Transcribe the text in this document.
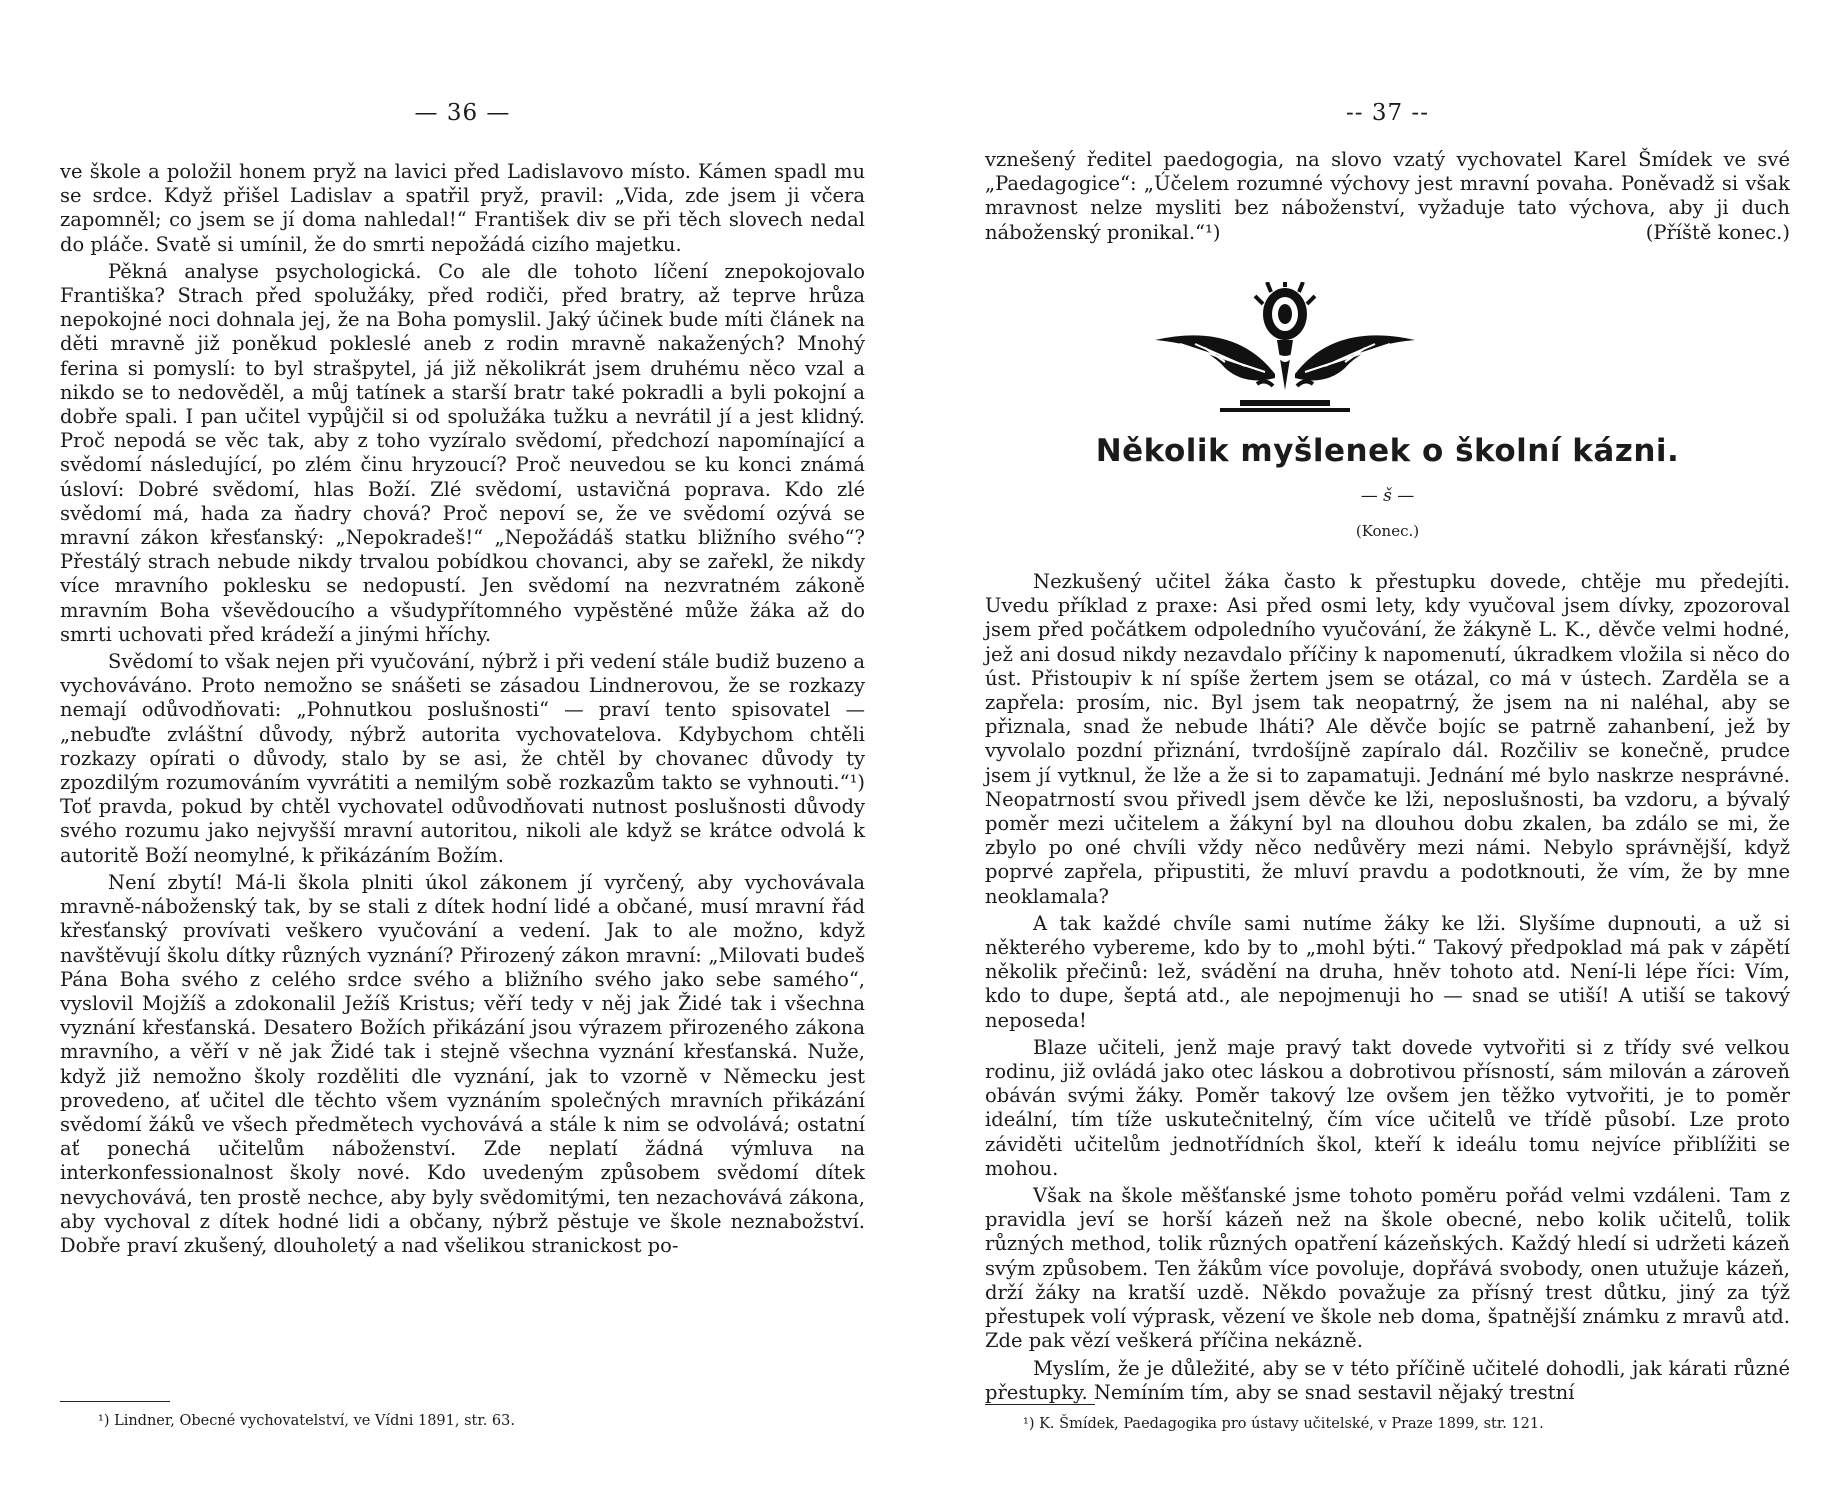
— 36 —

ve škole a položil honem pryž na lavici před Ladislavovo místo. Kámen spadl mu se srdce. Když přišel Ladislav a spatřil pryž, pravil: „Vida, zde jsem ji včera zapomněl; co jsem se jí doma nahledal!“ František div se při těch slovech nedal do pláče. Svatě si umínil, že do smrti nepožádá cizího majetku.

Pěkná analyse psychologická. Co ale dle tohoto líčení znepokojovalo Františka? Strach před spolužáky, před rodiči, před bratry, až teprve hrůza nepokojné noci dohnala jej, že na Boha pomyslil. Jaký účinek bude míti článek na děti mravně již poněkud pokleslé aneb z rodin mravně nakažených? Mnohý ferina si pomyslí: to byl strašpytel, já již několikrát jsem druhému něco vzal a nikdo se to nedověděl, a můj tatínek a starší bratr také pokradli a byli pokojní a dobře spali. I pan učitel vypůjčil si od spolužáka tužku a nevrátil jí a jest klidný. Proč nepodá se věc tak, aby z toho vyzíralo svědomí, předchozí napomínající a svědomí následující, po zlém činu hryzoucí? Proč neuvedou se ku konci známá úsloví: Dobré svědomí, hlas Boží. Zlé svědomí, ustavičná poprava. Kdo zlé svědomí má, hada za ňadry chová? Proč nepoví se, že ve svědomí ozývá se mravní zákon křesťanský: „Nepokradeš!“ „Nepožádáš statku bližního svého“? Přestálý strach nebude nikdy trvalou pobídkou chovanci, aby se zařekl, že nikdy více mravního poklesku se nedopustí. Jen svědomí na nezvratném zákoně mravním Boha vševědoucího a všudypřítomného vypěstěné může žáka až do smrti uchovati před krádeží a jinými hříchy.

Svědomí to však nejen při vyučování, nýbrž i při vedení stále budiž buzeno a vychováváno. Proto nemožno se snášeti se zásadou Lindnerovou, že se rozkazy nemají odůvodňovati: „Pohnutkou poslušnosti“ — praví tento spisovatel — „nebuďte zvláštní důvody, nýbrž autorita vychovatelova. Kdybychom chtěli rozkazy opírati o důvody, stalo by se asi, že chtěl by chovanec důvody ty zpozdilým rozumováním vyvrátiti a nemilým sobě rozkazům takto se vyhnouti.“¹) Toť pravda, pokud by chtěl vychovatel odůvodňovati nutnost poslušnosti důvody svého rozumu jako nejvyšší mravní autoritou, nikoli ale když se krátce odvolá k autoritě Boží neomylné, k přikázáním Božím.

Není zbytí! Má-li škola plniti úkol zákonem jí vyrčený, aby vychovávala mravně-náboženský tak, by se stali z dítek hodní lidé a občané, musí mravní řád křesťanský provívati veškero vyučování a vedení. Jak to ale možno, když navštěvují školu dítky různých vyznání? Přirozený zákon mravní: „Milovati budeš Pána Boha svého z celého srdce svého a bližního svého jako sebe samého“, vyslovil Mojžíš a zdokonalil Ježíš Kristus; věří tedy v něj jak Židé tak i všechna vyznání křesťanská. Desatero Božích přikázání jsou výrazem přirozeného zákona mravního, a věří v ně jak Židé tak i stejně všechna vyznání křesťanská. Nuže, když již nemožno školy rozděliti dle vyznání, jak to vzorně v Německu jest provedeno, ať učitel dle těchto všem vyznáním společných mravních přikázání svědomí žáků ve všech předmětech vychovává a stále k nim se odvolává; ostatní ať ponechá učitelům náboženství. Zde neplatí žádná výmluva na interkonfessionalnost školy nové. Kdo uvedeným způsobem svědomí dítek nevychovává, ten prostě nechce, aby byly svědomitými, ten nezachovává zákona, aby vychoval z dítek hodné lidi a občany, nýbrž pěstuje ve škole neznabožství. Dobře praví zkušený, dlouholetý a nad všelikou stranickost po-

¹) Lindner, Obecné vychovatelství, ve Vídni 1891, str. 63.
-- 37 --

vznešený ředitel paedogogia, na slovo vzatý vychovatel Karel Šmídek ve své „Paedagogice“: „Účelem rozumné výchovy jest mravní povaha. Poněvadž si však mravnost nelze mysliti bez náboženství, vyžaduje tato výchova, aby ji duch náboženský pronikal.“¹)	(Příště konec.)

Několik myšlenek o školní kázni.
— š —
(Konec.)

Nezkušený učitel žáka často k přestupku dovede, chtěje mu předejíti. Uvedu příklad z praxe: Asi před osmi lety, kdy vyučoval jsem dívky, zpozoroval jsem před počátkem odpoledního vyučování, že žákyně L. K., děvče velmi hodné, jež ani dosud nikdy nezavdalo příčiny k napomenutí, úkradkem vložila si něco do úst. Přistoupiv k ní spíše žertem jsem se otázal, co má v ústech. Zarděla se a zapřela: prosím, nic. Byl jsem tak neopatrný, že jsem na ni naléhal, aby se přiznala, snad že nebude lháti? Ale děvče bojíc se patrně zahanbení, jež by vyvolalo pozdní přiznání, tvrdošíjně zapíralo dál. Rozčiliv se konečně, prudce jsem jí vytknul, že lže a že si to zapamatuji. Jednání mé bylo naskrze nesprávné. Neopatrností svou přivedl jsem děvče ke lži, neposlušnosti, ba vzdoru, a bývalý poměr mezi učitelem a žákyní byl na dlouhou dobu zkalen, ba zdálo se mi, že zbylo po oné chvíli vždy něco nedůvěry mezi námi. Nebylo správnější, když poprvé zapřela, připustiti, že mluví pravdu a podotknouti, že vím, že by mne neoklamala?

A tak každé chvíle sami nutíme žáky ke lži. Slyšíme dupnouti, a už si některého vybereme, kdo by to „mohl býti.“ Takový předpoklad má pak v zápětí několik přečinů: lež, svádění na druha, hněv tohoto atd. Není-li lépe říci: Vím, kdo to dupe, šeptá atd., ale nepojmenuji ho — snad se utiší! A utiší se takový neposeda!

Blaze učiteli, jenž maje pravý takt dovede vytvořiti si z třídy své velkou rodinu, již ovládá jako otec láskou a dobrotivou přísností, sám milován a zároveň obáván svými žáky. Poměr takový lze ovšem jen těžko vytvořiti, je to poměr ideální, tím tíže uskutečnitelný, čím více učitelů ve třídě působí. Lze proto záviděti učitelům jednotřídních škol, kteří k ideálu tomu nejvíce přiblížiti se mohou.

Však na škole měšťanské jsme tohoto poměru pořád velmi vzdáleni. Tam z pravidla jeví se horší kázeň než na škole obecné, nebo kolik učitelů, tolik různých method, tolik různých opatření kázeňských. Každý hledí si udržeti kázeň svým způsobem. Ten žákům více povoluje, dopřává svobody, onen utužuje kázeň, drží žáky na kratší uzdě. Někdo považuje za přísný trest důtku, jiný za týž přestupek volí výprask, vězení ve škole neb doma, špatnější známku z mravů atd. Zde pak vězí veškerá příčina nekázně.

Myslím, že je důležité, aby se v této příčině učitelé dohodli, jak kárati různé přestupky. Nemíním tím, aby se snad sestavil nějaký trestní

¹) K. Šmídek, Paedagogika pro ústavy učitelské, v Praze 1899, str. 121.
